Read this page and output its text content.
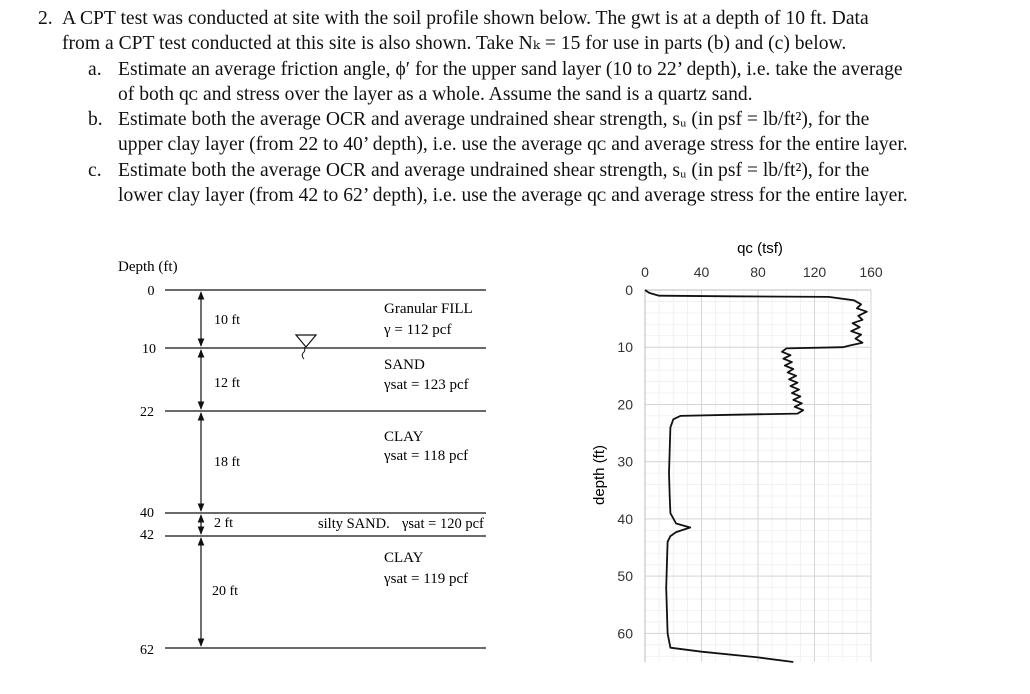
2. A CPT test was conducted at site with the soil profile shown below. The gwt is at a depth of 10 ft. Data
from a CPT test conducted at this site is also shown. Take Nₖ = 15 for use in parts (b) and (c) below.
a. Estimate an average friction angle, ϕ′ for the upper sand layer (10 to 22’ depth), i.e. take the average
of both qᴄ and stress over the layer as a whole. Assume the sand is a quartz sand.
b. Estimate both the average OCR and average undrained shear strength, sᵤ (in psf = lb/ft²), for the
upper clay layer (from 22 to 40’ depth), i.e. use the average qᴄ and average stress for the entire layer.
c. Estimate both the average OCR and average undrained shear strength, sᵤ (in psf = lb/ft²), for the
lower clay layer (from 42 to 62’ depth), i.e. use the average qᴄ and average stress for the entire layer.
Depth (ft)
0
10
22
40
42
62
10 ft
12 ft
18 ft
2 ft
20 ft
Granular FILL
γ = 112 pcf
SAND
γsat = 123 pcf
CLAY
γsat = 118 pcf
silty SAND. γsat = 120 pcf
CLAY
γsat = 119 pcf
qᴄ (tsf)
depth (ft)
0	40	80	120 160
0
10
20
30
40
50
60
